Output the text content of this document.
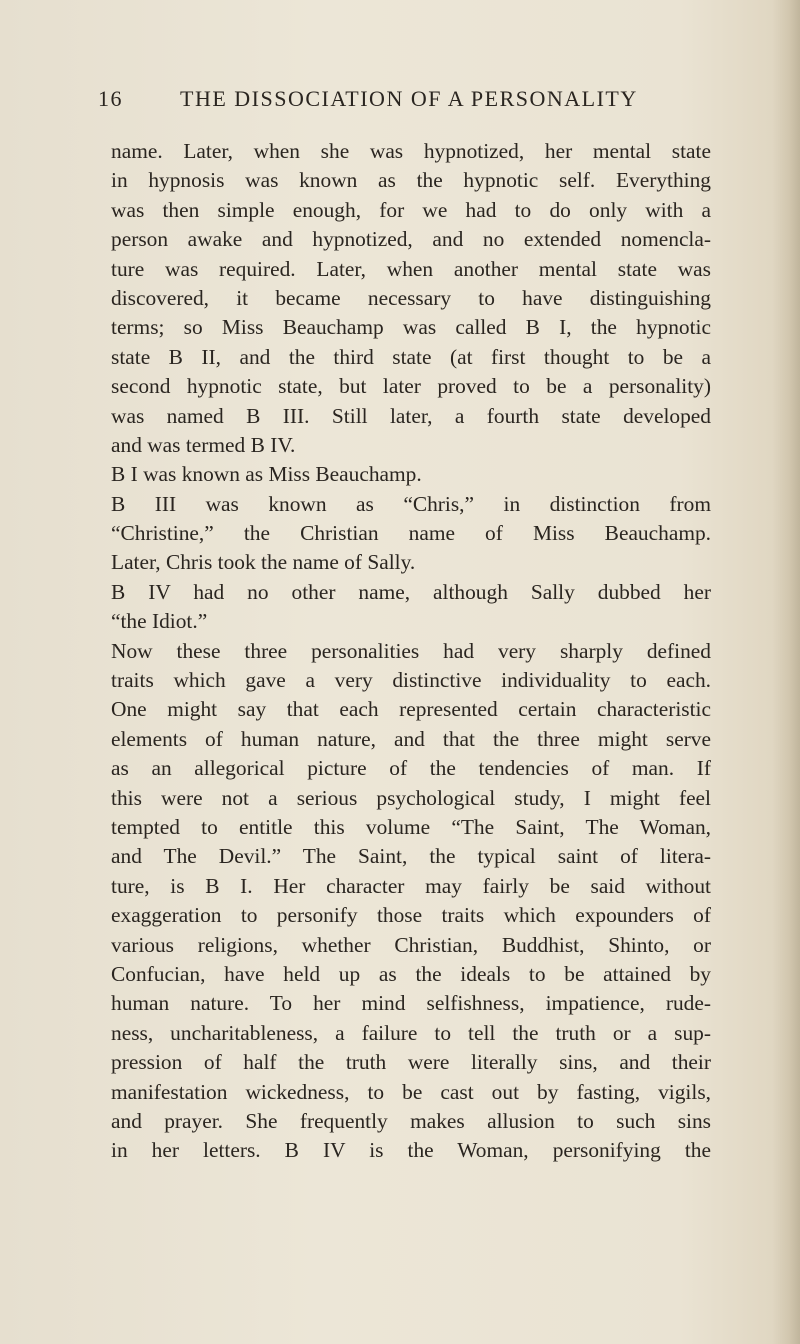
16	THE DISSOCIATION OF A PERSONALITY
name. Later, when she was hypnotized, her mental state
in hypnosis was known as the hypnotic self. Everything
was then simple enough, for we had to do only with a
person awake and hypnotized, and no extended nomencla-
ture was required. Later, when another mental state was
discovered, it became necessary to have distinguishing
terms; so Miss Beauchamp was called B I, the hypnotic
state B II, and the third state (at first thought to be a
second hypnotic state, but later proved to be a personality)
was named B III. Still later, a fourth state developed
and was termed B IV.
B I was known as Miss Beauchamp.
B III was known as “Chris,” in distinction from
“Christine,” the Christian name of Miss Beauchamp.
Later, Chris took the name of Sally.
B IV had no other name, although Sally dubbed her
“the Idiot.”
Now these three personalities had very sharply defined
traits which gave a very distinctive individuality to each.
One might say that each represented certain characteristic
elements of human nature, and that the three might serve
as an allegorical picture of the tendencies of man. If
this were not a serious psychological study, I might feel
tempted to entitle this volume “The Saint, The Woman,
and The Devil.” The Saint, the typical saint of litera-
ture, is B I. Her character may fairly be said without
exaggeration to personify those traits which expounders of
various religions, whether Christian, Buddhist, Shinto, or
Confucian, have held up as the ideals to be attained by
human nature. To her mind selfishness, impatience, rude-
ness, uncharitableness, a failure to tell the truth or a sup-
pression of half the truth were literally sins, and their
manifestation wickedness, to be cast out by fasting, vigils,
and prayer. She frequently makes allusion to such sins
in her letters. B IV is the Woman, personifying the
